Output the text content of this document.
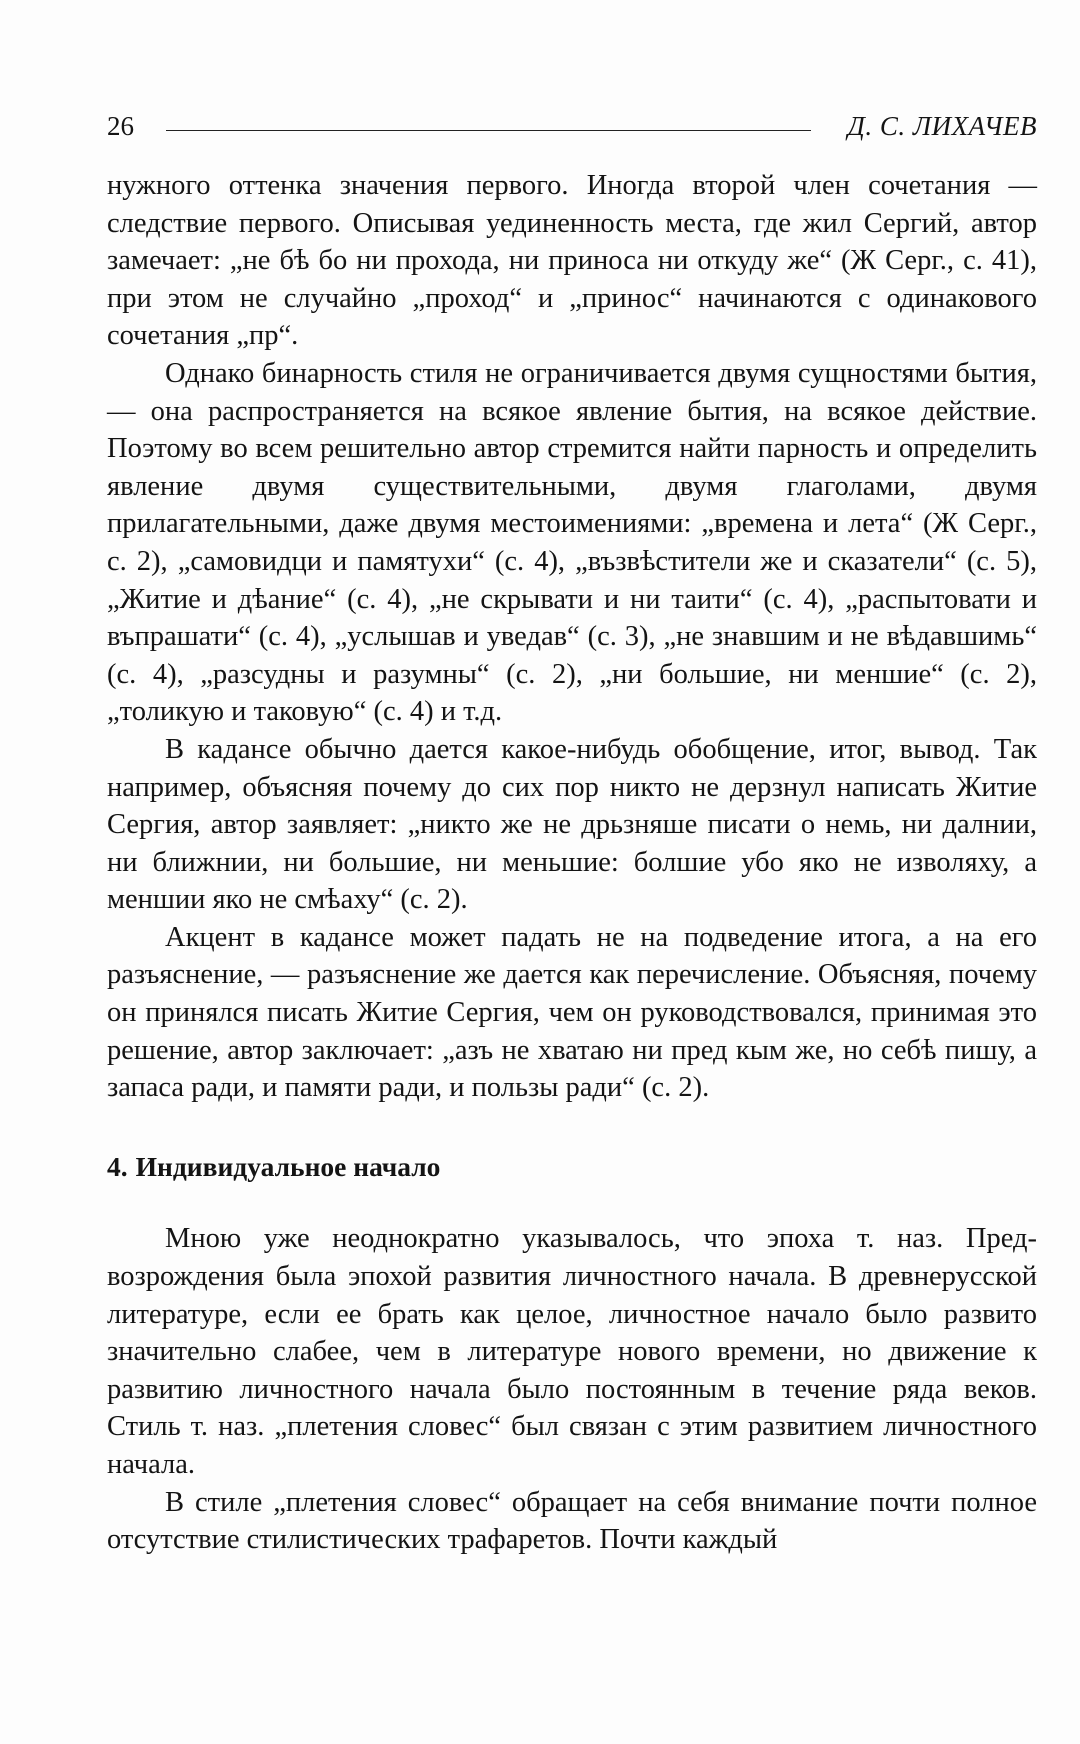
26	Д. С. ЛИХАЧЕВ

нужного оттенка значения первого. Иногда второй член сочетания — следствие первого. Описывая уединенность места, где жил Сергий, автор замечает: „не бѣ бо ни прохода, ни приноса ни откуду же“ (Ж Серг., с. 41), при этом не случайно „проход“ и „принос“ начинаются с одинакового сочетания „пр“.

Однако бинарность стиля не ограничивается двумя сущностями бытия, — она распространяется на всякое явление бытия, на всякое действие. Поэтому во всем решительно автор стремится найти парность и определить явление двумя существительными, двумя глаголами, двумя прилагательными, даже двумя местоимениями: „времена и лета“ (Ж Серг., с. 2), „самовидци и памятухи“ (с. 4), „възвѣстители же и сказатели“ (с. 5), „Житие и дѣание“ (с. 4), „не скрывати и ни таити“ (с. 4), „распытовати и въпрашати“ (с. 4), „услышав и уведав“ (с. 3), „не знавшим и не вѣдавшимь“ (с. 4), „разсудны и разумны“ (с. 2), „ни большие, ни меншие“ (с. 2), „толикую и таковую“ (с. 4) и т.д.

В кадансе обычно дается какое-нибудь обобщение, итог, вывод. Так например, объясняя почему до сих пор никто не дерзнул написать Житие Сергия, автор заявляет: „никто же не дрьзняше писати о немь, ни далнии, ни ближнии, ни большие, ни меньшие: болшие убо яко не изволяху, а меншии яко не смѣаху“ (с. 2).

Акцент в кадансе может падать не на подведение итога, а на его разъяснение, — разъяснение же дается как перечисление. Объясняя, почему он принялся писать Житие Сергия, чем он руководствовался, принимая это решение, автор заключает: „азъ не хватаю ни пред кым же, но себѣ пишу, а запаса ради, и памяти ради, и пользы ради“ (с. 2).

4. Индивидуальное начало

Мною уже неоднократно указывалось, что эпоха т. наз. Предвозрождения была эпохой развития личностного начала. В древнерусской литературе, если ее брать как целое, личностное начало было развито значительно слабее, чем в литературе нового времени, но движение к развитию личностного начала было постоянным в течение ряда веков. Стиль т. наз. „плетения словес“ был связан с этим развитием личностного начала.

В стиле „плетения словес“ обращает на себя внимание почти полное отсутствие стилистических трафаретов. Почти каждый
